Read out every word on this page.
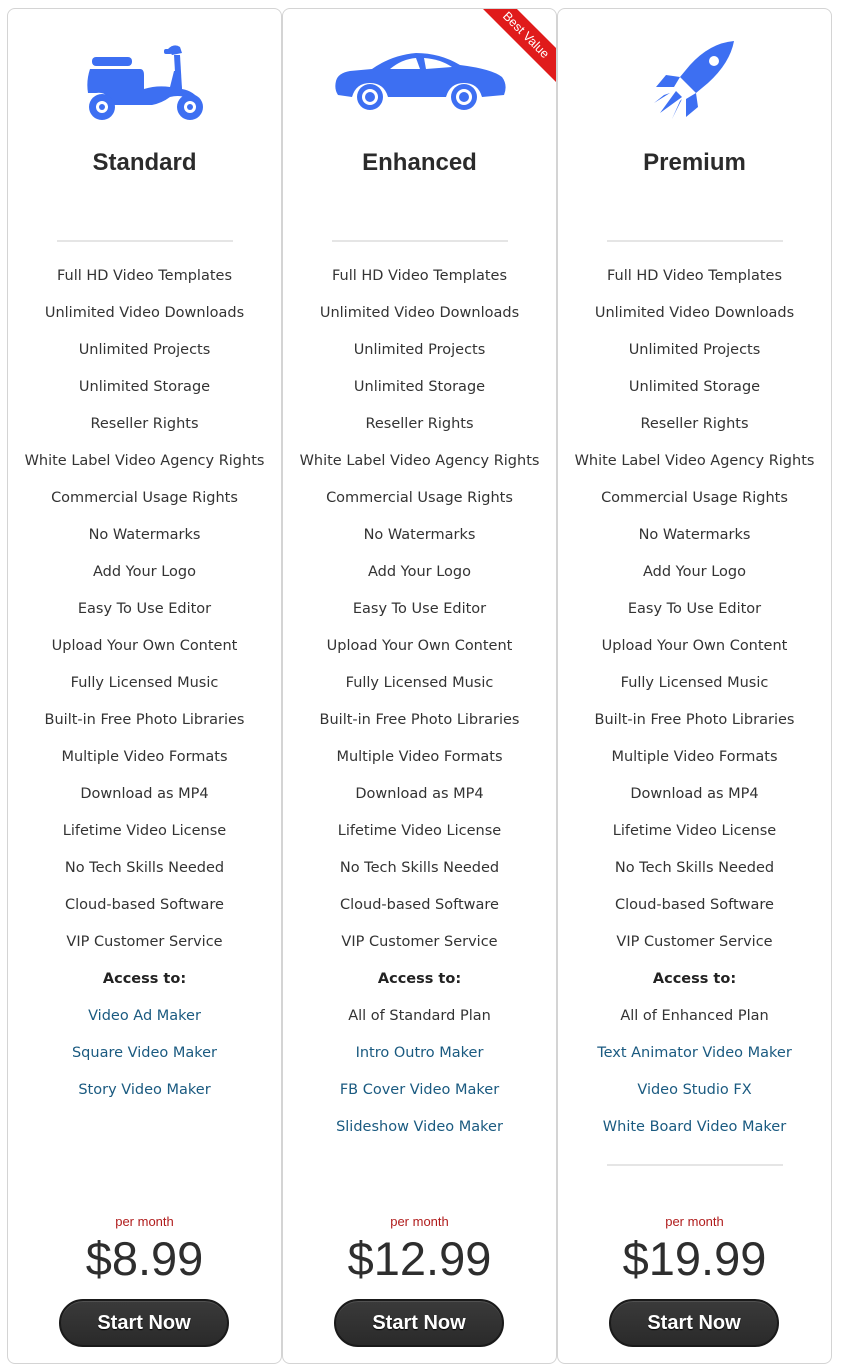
Standard
Full HD Video Templates
Unlimited Video Downloads
Unlimited Projects
Unlimited Storage
Reseller Rights
White Label Video Agency Rights
Commercial Usage Rights
No Watermarks
Add Your Logo
Easy To Use Editor
Upload Your Own Content
Fully Licensed Music
Built-in Free Photo Libraries
Multiple Video Formats
Download as MP4
Lifetime Video License
No Tech Skills Needed
Cloud-based Software
VIP Customer Service
Access to:
Video Ad Maker
Square Video Maker
Story Video Maker
per month
$8.99
Start Now
Best Value
Enhanced
Full HD Video Templates
Unlimited Video Downloads
Unlimited Projects
Unlimited Storage
Reseller Rights
White Label Video Agency Rights
Commercial Usage Rights
No Watermarks
Add Your Logo
Easy To Use Editor
Upload Your Own Content
Fully Licensed Music
Built-in Free Photo Libraries
Multiple Video Formats
Download as MP4
Lifetime Video License
No Tech Skills Needed
Cloud-based Software
VIP Customer Service
Access to:
All of Standard Plan
Intro Outro Maker
FB Cover Video Maker
Slideshow Video Maker
per month
$12.99
Start Now
Premium
Full HD Video Templates
Unlimited Video Downloads
Unlimited Projects
Unlimited Storage
Reseller Rights
White Label Video Agency Rights
Commercial Usage Rights
No Watermarks
Add Your Logo
Easy To Use Editor
Upload Your Own Content
Fully Licensed Music
Built-in Free Photo Libraries
Multiple Video Formats
Download as MP4
Lifetime Video License
No Tech Skills Needed
Cloud-based Software
VIP Customer Service
Access to:
All of Enhanced Plan
Text Animator Video Maker
Video Studio FX
White Board Video Maker
per month
$19.99
Start Now
